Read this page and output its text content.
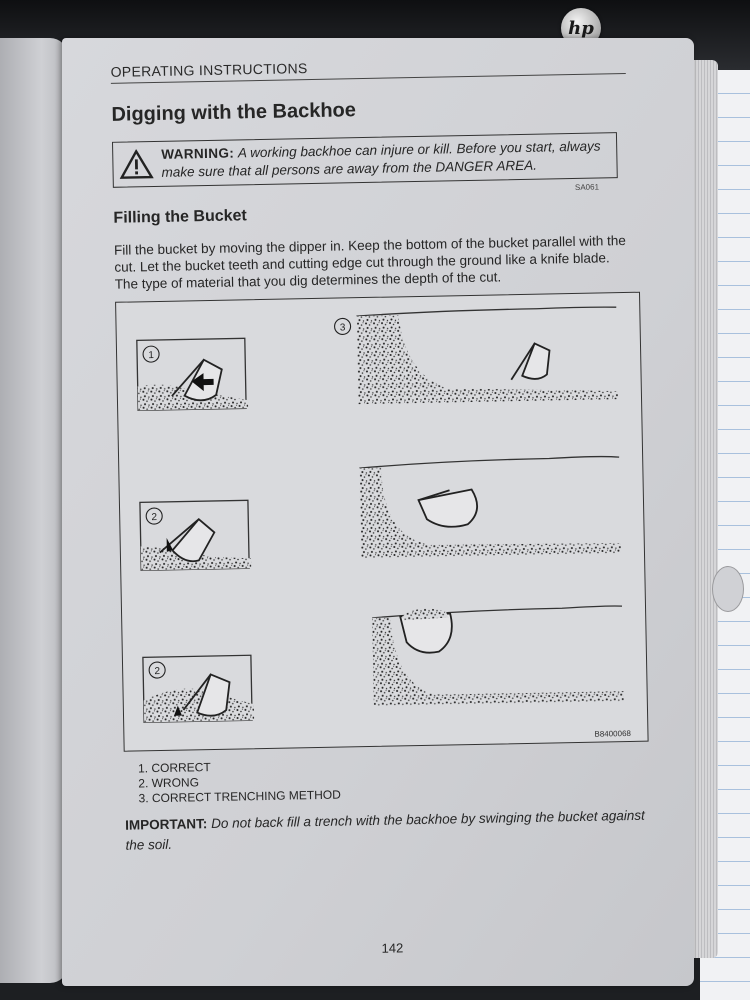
hp
OPERATING INSTRUCTIONS
Digging with the Backhoe
WARNING: A working backhoe can injure or kill. Before you start, always make sure that all persons are away from the DANGER AREA.
SA061
Filling the Bucket
Fill the bucket by moving the dipper in. Keep the bottom of the bucket parallel with the cut. Let the bucket teeth and cutting edge cut through the ground like a knife blade. The type of material that you dig determines the depth of the cut.
1
2
2
3
B8400068
1. CORRECT
2. WRONG
3. CORRECT TRENCHING METHOD
IMPORTANT: Do not back fill a trench with the backhoe by swinging the bucket against the soil.
142
